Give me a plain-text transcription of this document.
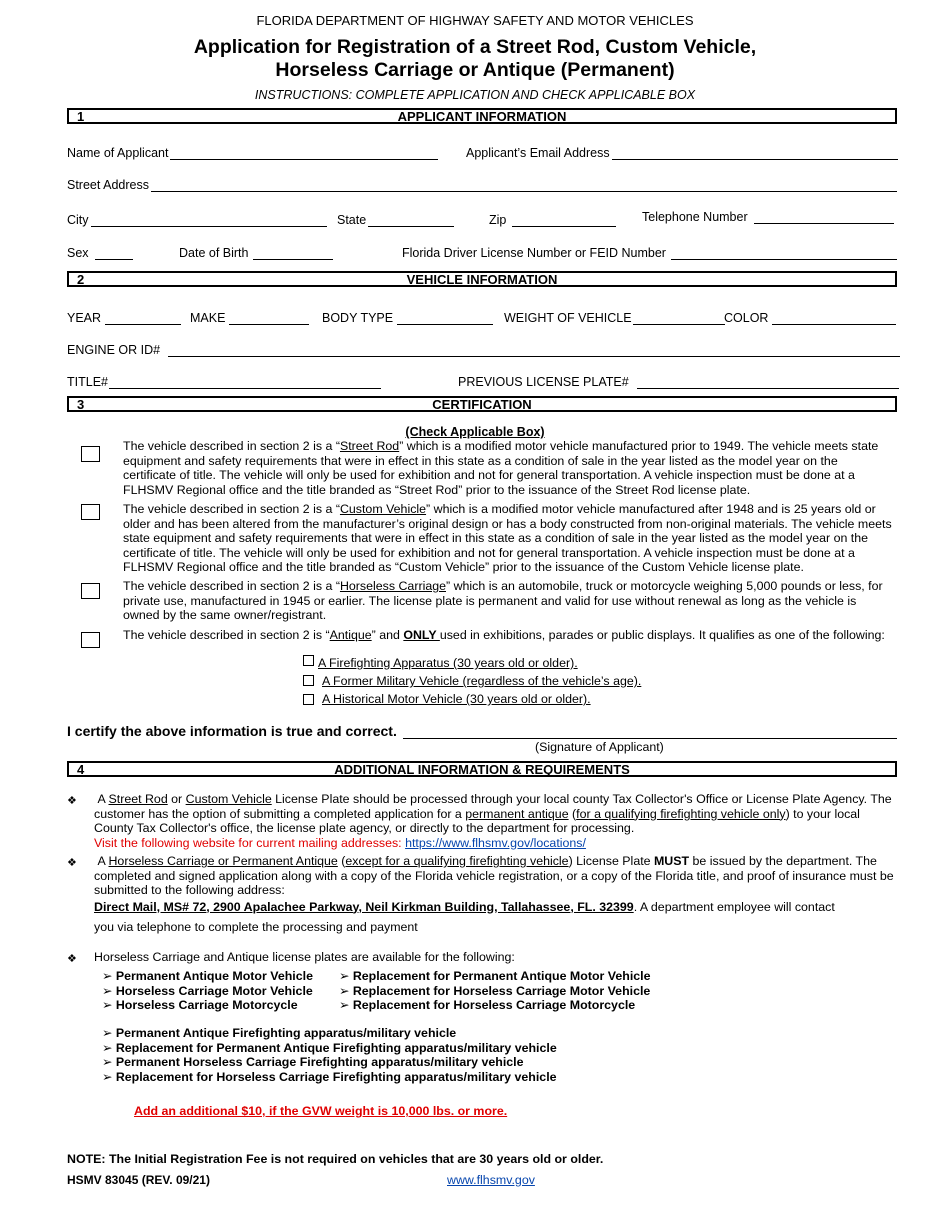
FLORIDA DEPARTMENT OF HIGHWAY SAFETY AND MOTOR VEHICLES
Application for Registration of a Street Rod, Custom Vehicle,
Horseless Carriage or Antique (Permanent)
INSTRUCTIONS: COMPLETE APPLICATION AND CHECK APPLICABLE BOX
1	APPLICANT INFORMATION
Name of Applicant	Applicant’s Email Address
Street Address
City	State	Zip	Telephone Number
Sex	Date of Birth	Florida Driver License Number or FEID Number
2	VEHICLE INFORMATION
YEAR	MAKE	BODY TYPE	WEIGHT OF VEHICLE	COLOR
ENGINE OR ID#
TITLE#	PREVIOUS LICENSE PLATE#
3	CERTIFICATION
(Check Applicable Box)
The vehicle described in section 2 is a “Street Rod” which is a modified motor vehicle manufactured prior to 1949. The vehicle meets state equipment and safety requirements that were in effect in this state as a condition of sale in the year listed as the model year on the certificate of title. The vehicle will only be used for exhibition and not for general transportation. A vehicle inspection must be done at a FLHSMV Regional office and the title branded as “Street Rod” prior to the issuance of the Street Rod license plate.
The vehicle described in section 2 is a “Custom Vehicle” which is a modified motor vehicle manufactured after 1948 and is 25 years old or older and has been altered from the manufacturer’s original design or has a body constructed from non-original materials. The vehicle meets state equipment and safety requirements that were in effect in this state as a condition of sale in the year listed as the model year on the certificate of title. The vehicle will only be used for exhibition and not for general transportation. A vehicle inspection must be done at a FLHSMV Regional office and the title branded as “Custom Vehicle” prior to the issuance of the Custom Vehicle license plate.
The vehicle described in section 2 is a “Horseless Carriage” which is an automobile, truck or motorcycle weighing 5,000 pounds or less, for private use, manufactured in 1945 or earlier. The license plate is permanent and valid for use without renewal as long as the vehicle is owned by the same owner/registrant.
The vehicle described in section 2 is “Antique” and ONLY used in exhibitions, parades or public displays. It qualifies as one of the following:
A Firefighting Apparatus (30 years old or older).
A Former Military Vehicle (regardless of the vehicle’s age).
A Historical Motor Vehicle (30 years old or older).
I certify the above information is true and correct.
(Signature of Applicant)
4	ADDITIONAL INFORMATION & REQUIREMENTS
❖ A Street Rod or Custom Vehicle License Plate should be processed through your local county Tax Collector's Office or License Plate Agency. The customer has the option of submitting a completed application for a permanent antique (for a qualifying firefighting vehicle only) to your local County Tax Collector's office, the license plate agency, or directly to the department for processing.
Visit the following website for current mailing addresses: https://www.flhsmv.gov/locations/
❖ A Horseless Carriage or Permanent Antique (except for a qualifying firefighting vehicle) License Plate MUST be issued by the department. The completed and signed application along with a copy of the Florida vehicle registration, or a copy of the Florida title, and proof of insurance must be submitted to the following address:
Direct Mail, MS# 72, 2900 Apalachee Parkway, Neil Kirkman Building, Tallahassee, FL. 32399. A department employee will contact
you via telephone to complete the processing and payment
❖ Horseless Carriage and Antique license plates are available for the following:
➢ Permanent Antique Motor Vehicle
➢ Horseless Carriage Motor Vehicle
➢ Horseless Carriage Motorcycle
➢ Replacement for Permanent Antique Motor Vehicle
➢ Replacement for Horseless Carriage Motor Vehicle
➢ Replacement for Horseless Carriage Motorcycle
➢ Permanent Antique Firefighting apparatus/military vehicle
➢ Replacement for Permanent Antique Firefighting apparatus/military vehicle
➢ Permanent Horseless Carriage Firefighting apparatus/military vehicle
➢ Replacement for Horseless Carriage Firefighting apparatus/military vehicle
Add an additional $10, if the GVW weight is 10,000 lbs. or more.
NOTE: The Initial Registration Fee is not required on vehicles that are 30 years old or older.
HSMV 83045 (REV. 09/21)	www.flhsmv.gov
